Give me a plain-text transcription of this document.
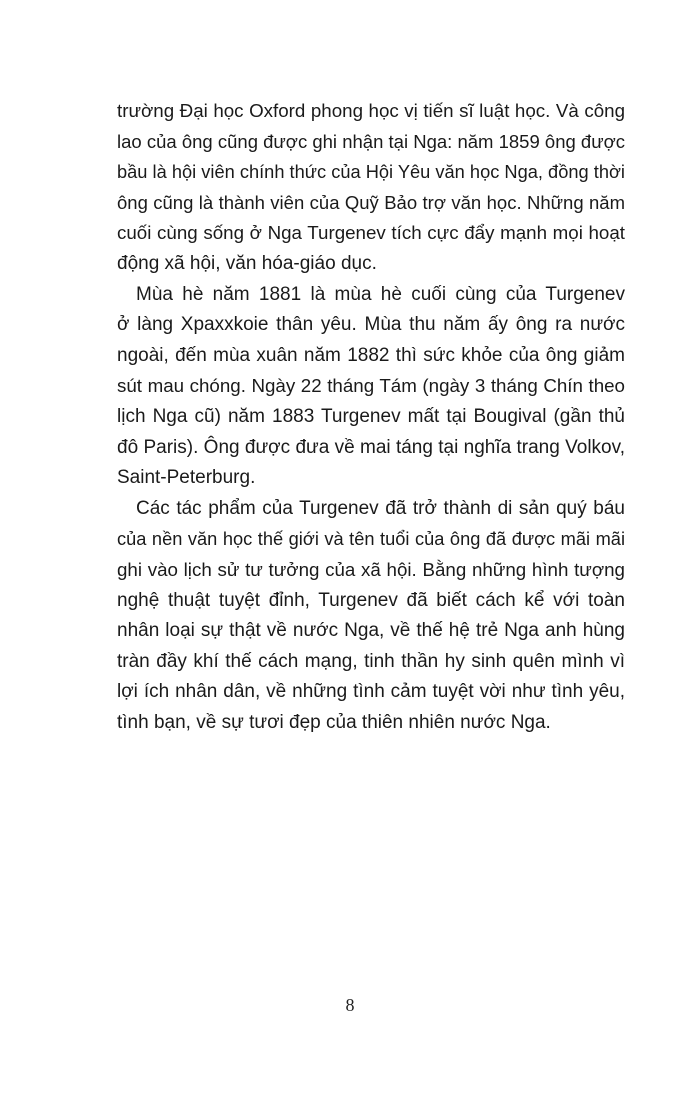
trường Đại học Oxford phong học vị tiến sĩ luật học. Và công
lao của ông cũng được ghi nhận tại Nga: năm 1859 ông được
bầu là hội viên chính thức của Hội Yêu văn học Nga, đồng thời
ông cũng là thành viên của Quỹ Bảo trợ văn học. Những năm
cuối cùng sống ở Nga Turgenev tích cực đẩy mạnh mọi hoạt
động xã hội, văn hóa-giáo dục.
Mùa hè năm 1881 là mùa hè cuối cùng của Turgenev
ở làng Xpaxxkoie thân yêu. Mùa thu năm ấy ông ra nước
ngoài, đến mùa xuân năm 1882 thì sức khỏe của ông giảm
sút mau chóng. Ngày 22 tháng Tám (ngày 3 tháng Chín theo
lịch Nga cũ) năm 1883 Turgenev mất tại Bougival (gần thủ
đô Paris). Ông được đưa về mai táng tại nghĩa trang Volkov,
Saint-Peterburg.
Các tác phẩm của Turgenev đã trở thành di sản quý báu
của nền văn học thế giới và tên tuổi của ông đã được mãi mãi
ghi vào lịch sử tư tưởng của xã hội. Bằng những hình tượng
nghệ thuật tuyệt đỉnh, Turgenev đã biết cách kể với toàn
nhân loại sự thật về nước Nga, về thế hệ trẻ Nga anh hùng
tràn đầy khí thế cách mạng, tinh thần hy sinh quên mình vì
lợi ích nhân dân, về những tình cảm tuyệt vời như tình yêu,
tình bạn, về sự tươi đẹp của thiên nhiên nước Nga.
8
